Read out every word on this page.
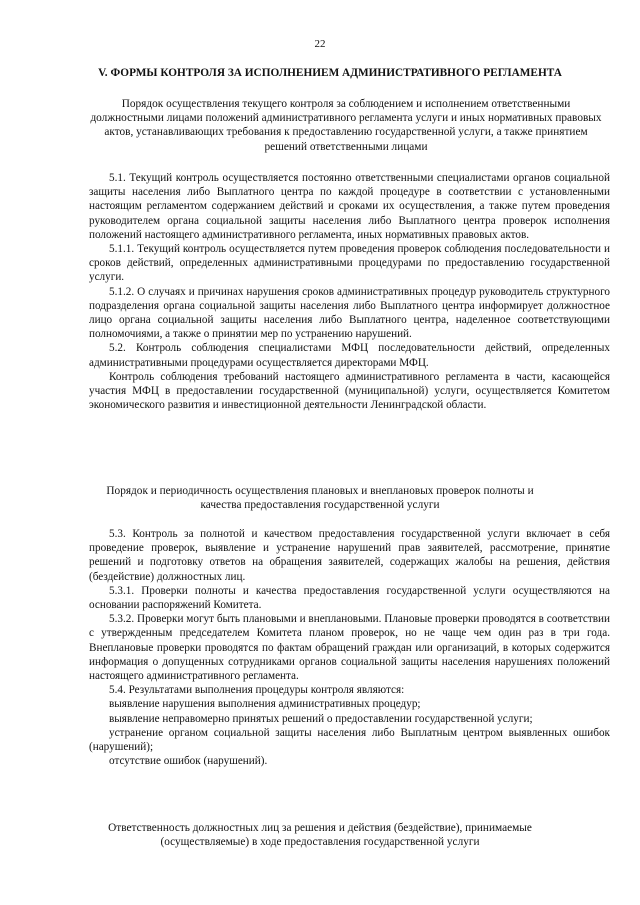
22
V. ФОРМЫ КОНТРОЛЯ ЗА ИСПОЛНЕНИЕМ АДМИНИСТРАТИВНОГО РЕГЛАМЕНТА

Порядок осуществления текущего контроля за соблюдением и исполнением ответственными должностными лицами положений административного регламента услуги и иных нормативных правовых актов, устанавливающих требования к предоставлению государственной услуги, а также принятием решений ответственными лицами

5.1. Текущий контроль осуществляется постоянно ответственными специалистами органов социальной защиты населения либо Выплатного центра по каждой процедуре в соответствии с установленными настоящим регламентом содержанием действий и сроками их осуществления, а также путем проведения руководителем органа социальной защиты населения либо Выплатного центра проверок исполнения положений настоящего административного регламента, иных нормативных правовых актов.

5.1.1. Текущий контроль осуществляется путем проведения проверок соблюдения последовательности и сроков действий, определенных административными процедурами по предоставлению государственной услуги.

5.1.2. О случаях и причинах нарушения сроков административных процедур руководитель структурного подразделения органа социальной защиты населения либо Выплатного центра информирует должностное лицо органа социальной защиты населения либо Выплатного центра, наделенное соответствующими полномочиями, а также о принятии мер по устранению нарушений.

5.2. Контроль соблюдения специалистами МФЦ последовательности действий, определенных административными процедурами осуществляется директорами МФЦ.

Контроль соблюдения требований настоящего административного регламента в части, касающейся участия МФЦ в предоставлении государственной (муниципальной) услуги, осуществляется Комитетом экономического развития и инвестиционной деятельности Ленинградской области.

Порядок и периодичность осуществления плановых и внеплановых проверок полноты и качества предоставления государственной услуги

5.3. Контроль за полнотой и качеством предоставления государственной услуги включает в себя проведение проверок, выявление и устранение нарушений прав заявителей, рассмотрение, принятие решений и подготовку ответов на обращения заявителей, содержащих жалобы на решения, действия (бездействие) должностных лиц.

5.3.1. Проверки полноты и качества предоставления государственной услуги осуществляются на основании распоряжений Комитета.

5.3.2. Проверки могут быть плановыми и внеплановыми. Плановые проверки проводятся в соответствии с утвержденным председателем Комитета планом проверок, но не чаще чем один раз в три года. Внеплановые проверки проводятся по фактам обращений граждан или организаций, в которых содержится информация о допущенных сотрудниками органов социальной защиты населения нарушениях положений настоящего административного регламента.

5.4. Результатами выполнения процедуры контроля являются:

выявление нарушения выполнения административных процедур;

выявление неправомерно принятых решений о предоставлении государственной услуги;

устранение органом социальной защиты населения либо Выплатным центром выявленных ошибок (нарушений);

отсутствие ошибок (нарушений).

Ответственность должностных лиц за решения и действия (бездействие), принимаемые (осуществляемые) в ходе предоставления государственной услуги
